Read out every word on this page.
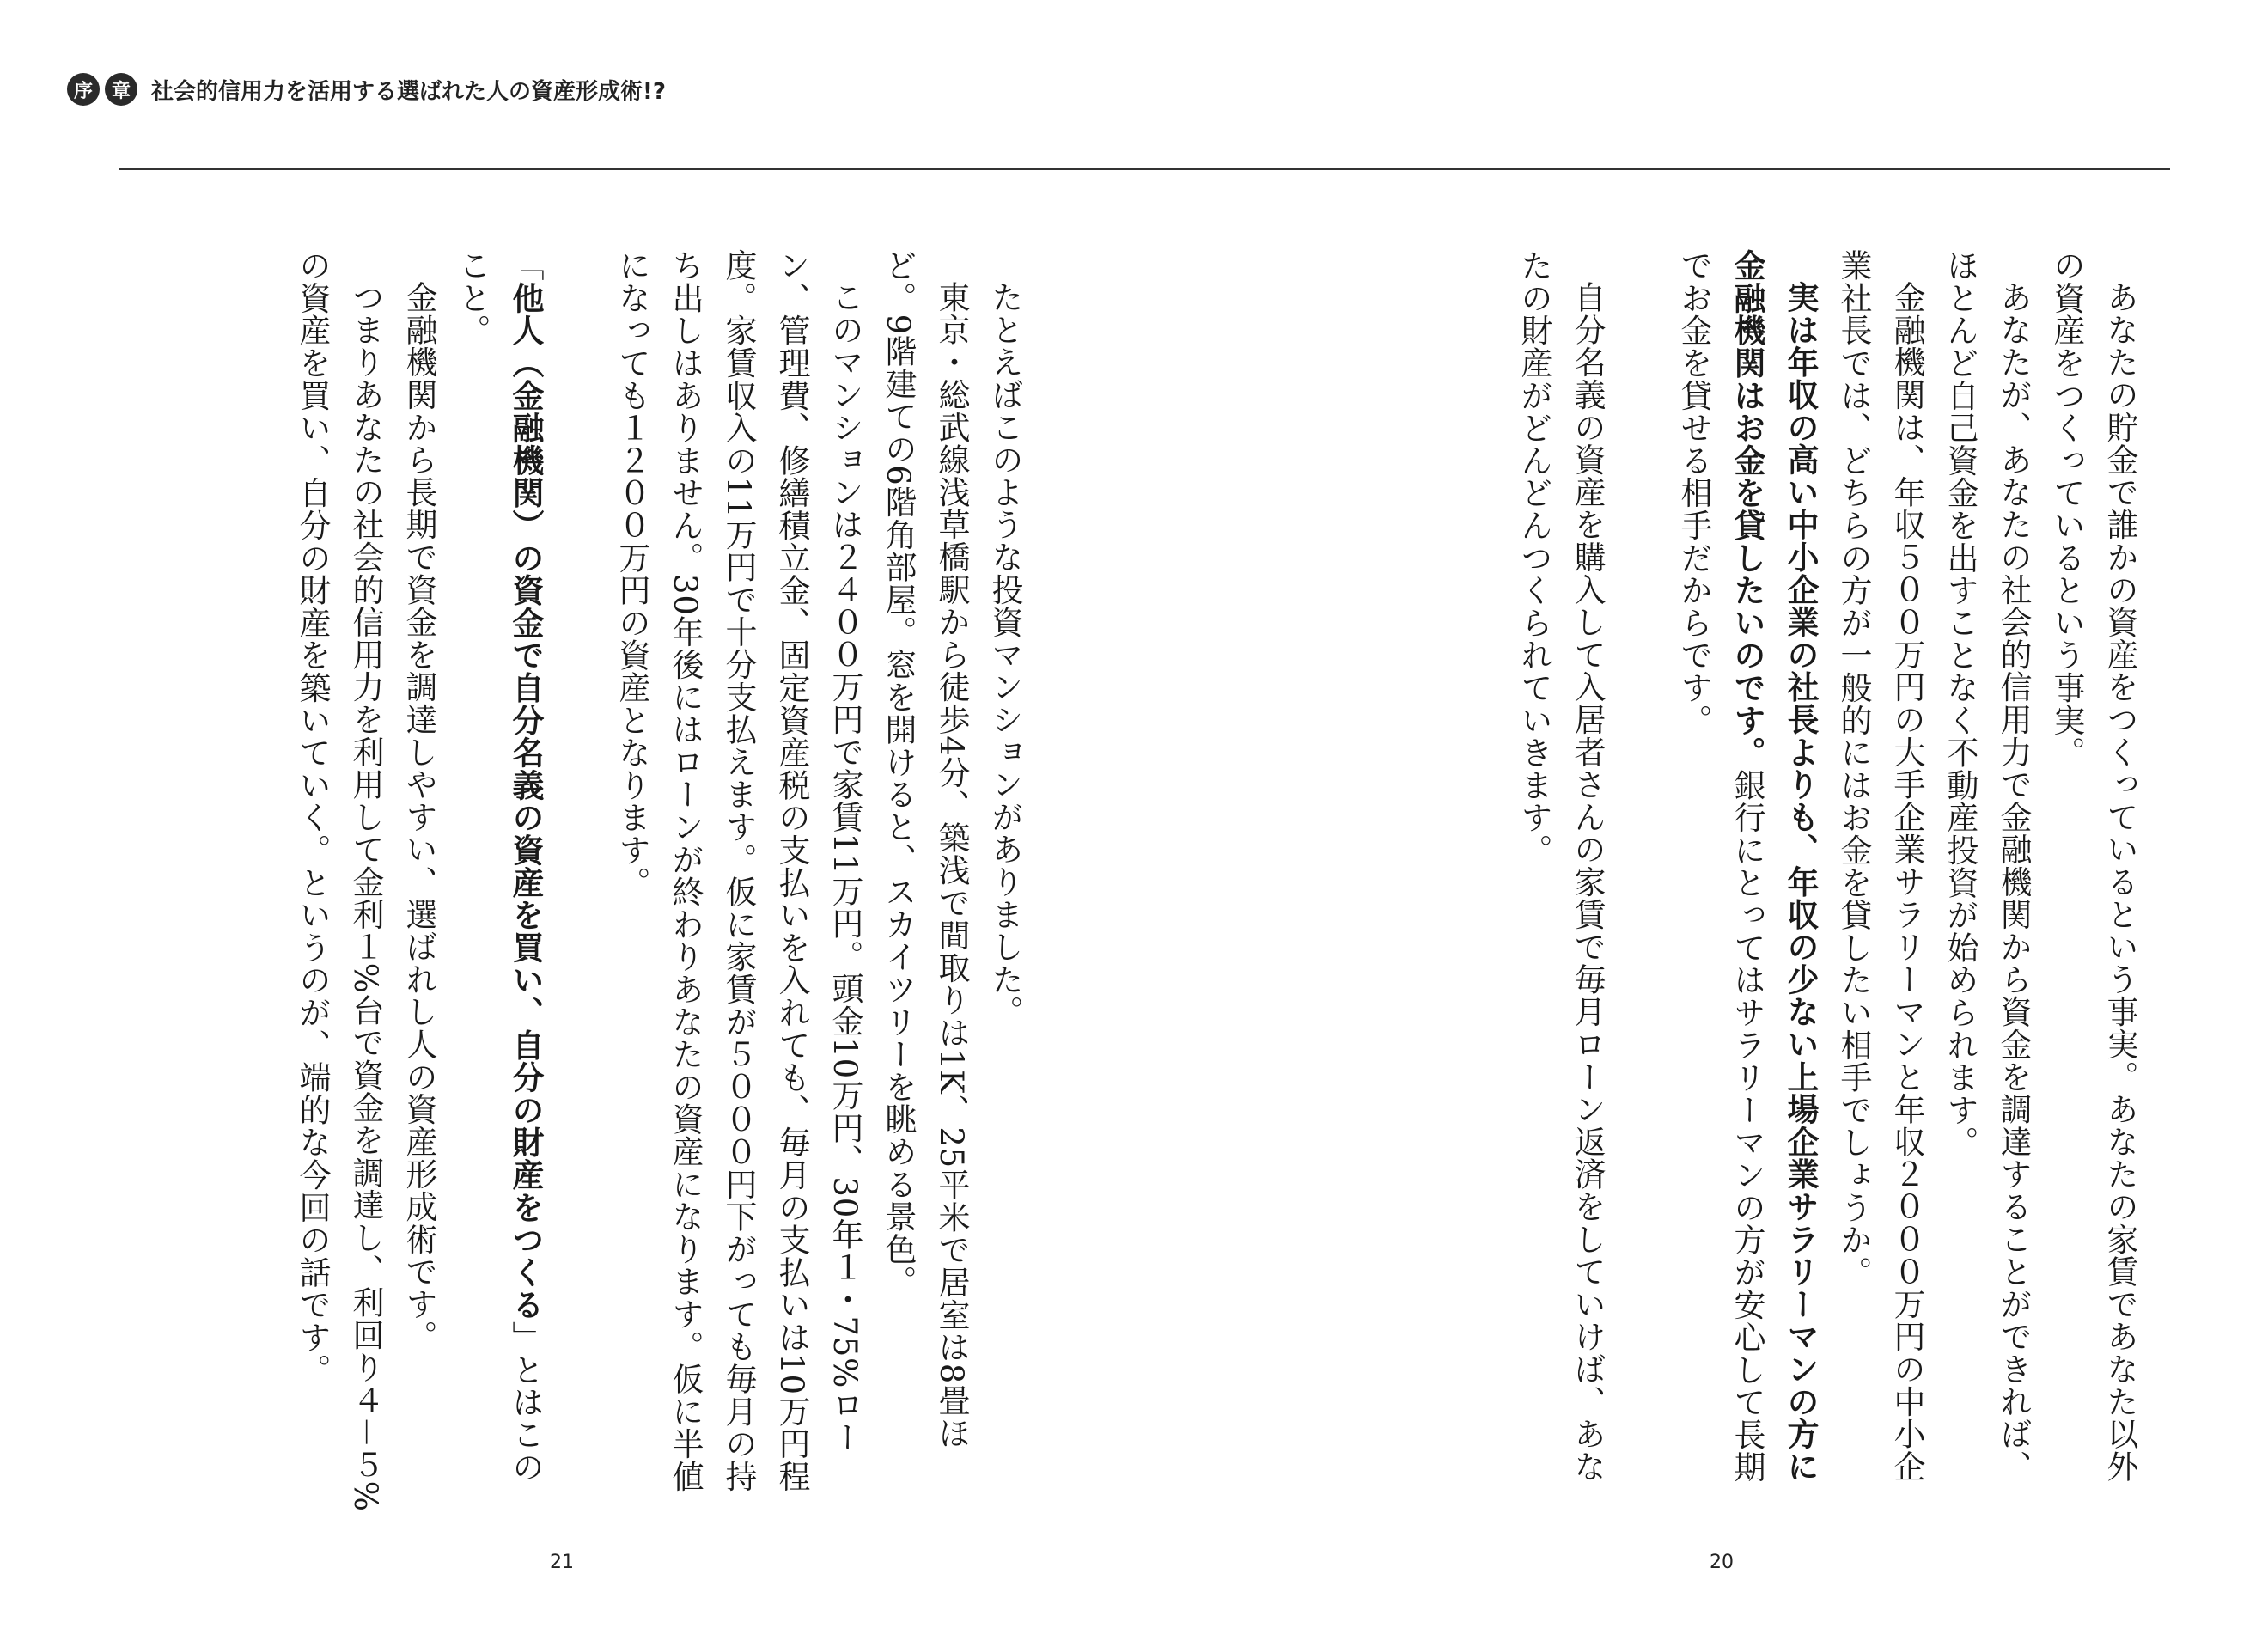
序 章 社会的信用力を活用する選ばれた人の資産形成術!?

あなたの貯金で誰かの資産をつくっているという事実。あなたの家賃であなた以外の資産をつくっているという事実。

あなたが、あなたの社会的信用力で金融機関から資金を調達することができれば、ほとんど自己資金を出すことなく不動産投資が始められます。

金融機関は、年収５００万円の大手企業サラリーマンと年収２０００万円の中小企業社長では、どちらの方が一般的にはお金を貸したい相手でしょうか。

実は年収の高い中小企業の社長よりも、年収の少ない上場企業サラリーマンの方に金融機関はお金を貸したいのです。銀行にとってはサラリーマンの方が安心して長期でお金を貸せる相手だからです。

自分名義の資産を購入して入居者さんの家賃で毎月ローン返済をしていけば、あなたの財産がどんどんつくられていきます。

たとえばこのような投資マンションがありました。

東京・総武線浅草橋駅から徒歩4分、築浅で間取りは1K、25平米で居室は8畳ほど。9階建ての6階角部屋。窓を開けると、スカイツリーを眺める景色。

このマンションは２４００万円で家賃11万円。頭金10万円、30年１・75%ローン、管理費、修繕積立金、固定資産税の支払いを入れても、毎月の支払いは10万円程度。家賃収入の11万円で十分支払えます。仮に家賃が５０００円下がっても毎月の持ち出しはありません。30年後にはローンが終わりあなたの資産になります。仮に半値になっても１２００万円の資産となります。

「他人（金融機関）の資金で自分名義の資産を買い、自分の財産をつくる」とはこのこと。

金融機関から長期で資金を調達しやすい、選ばれし人の資産形成術です。

つまりあなたの社会的信用力を利用して金利１%台で資金を調達し、利回り４－５%の資産を買い、自分の財産を築いていく。というのが、端的な今回の話です。

20
21
